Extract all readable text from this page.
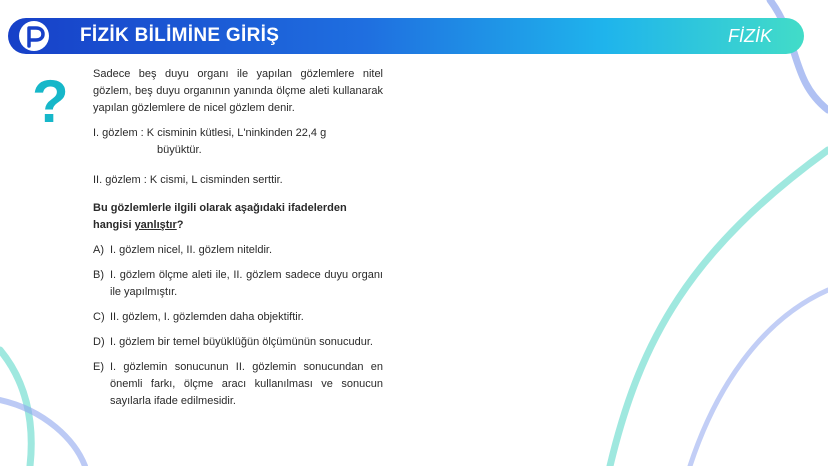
FİZİK BİLİMİNE GİRİŞ	FİZİK
? Sadece beş duyu organı ile yapılan gözlemlere nitel gözlem, beş duyu organının yanında ölçme aleti kullanarak yapılan gözlemlere de nicel gözlem denir.

I. gözlem : K cisminin kütlesi, L'ninkinden 22,4 g

büyüktür.

II. gözlem : K cismi, L cisminden serttir.

Bu gözlemlerle ilgili olarak aşağıdaki ifadelerden hangisi yanlıştır?

A) I. gözlem nicel, II. gözlem niteldir.

B) I. gözlem ölçme aleti ile, II. gözlem sadece duyu organı ile yapılmıştır.

C) II. gözlem, I. gözlemden daha objektiftir.

D) I. gözlem bir temel büyüklüğün ölçümünün sonucudur.

E) I. gözlemin sonucunun II. gözlemin sonucundan en önemli farkı, ölçme aracı kullanılması ve sonucun sayılarla ifade edilmesidir.
